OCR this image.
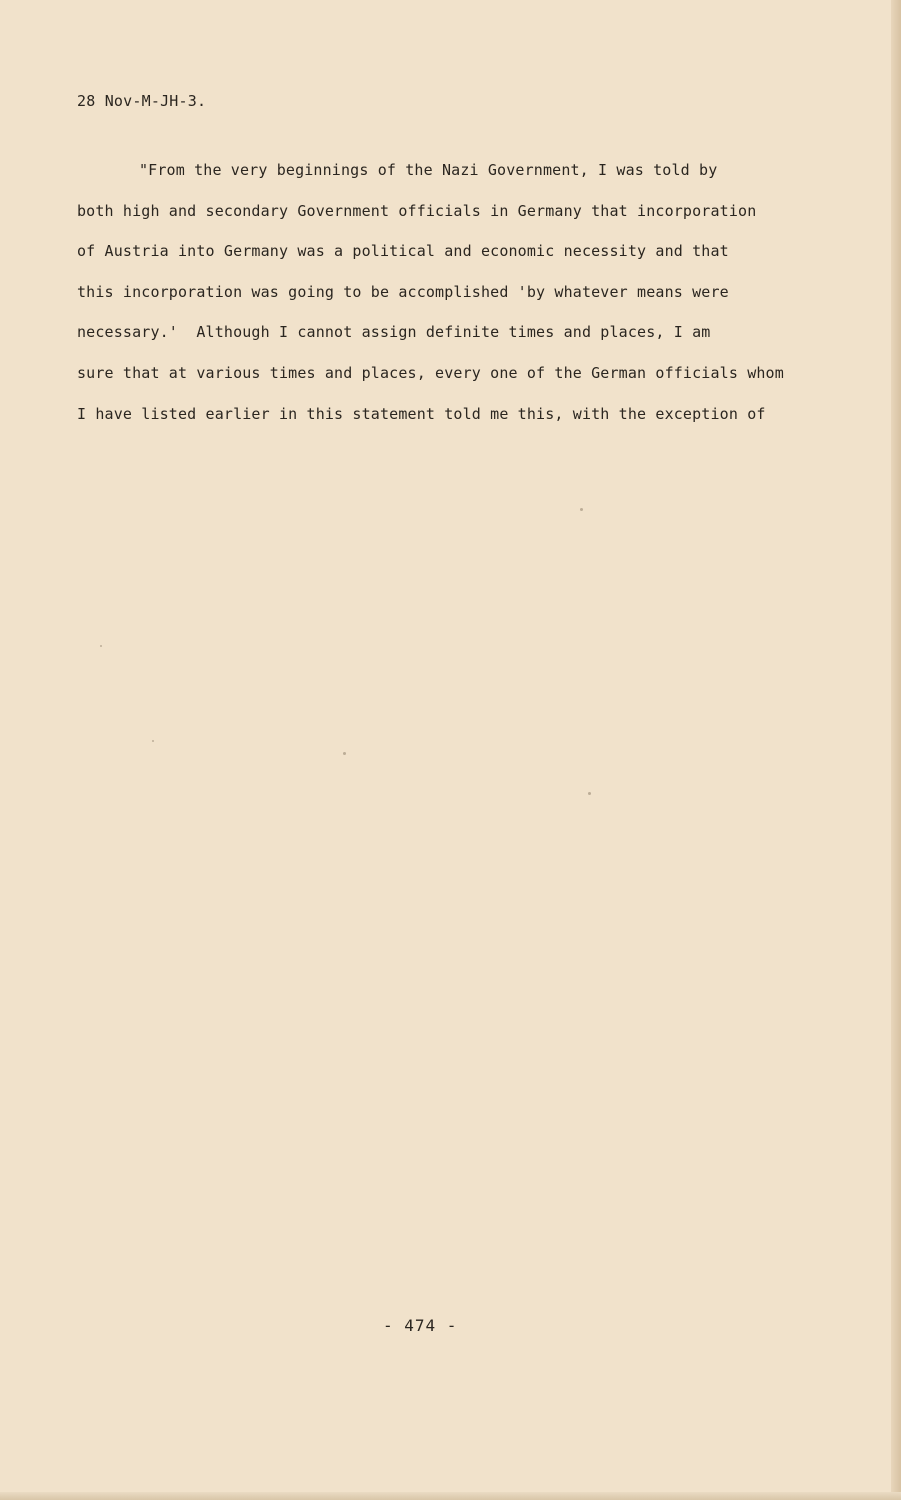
28 Nov-M-JH-3.
"From the very beginnings of the Nazi Government, I was told by
both high and secondary Government officials in Germany that incorporation
of Austria into Germany was a political and economic necessity and that
this incorporation was going to be accomplished 'by whatever means were
necessary.'  Although I cannot assign definite times and places, I am
sure that at various times and places, every one of the German officials whom
I have listed earlier in this statement told me this, with the exception of
- 474 -
